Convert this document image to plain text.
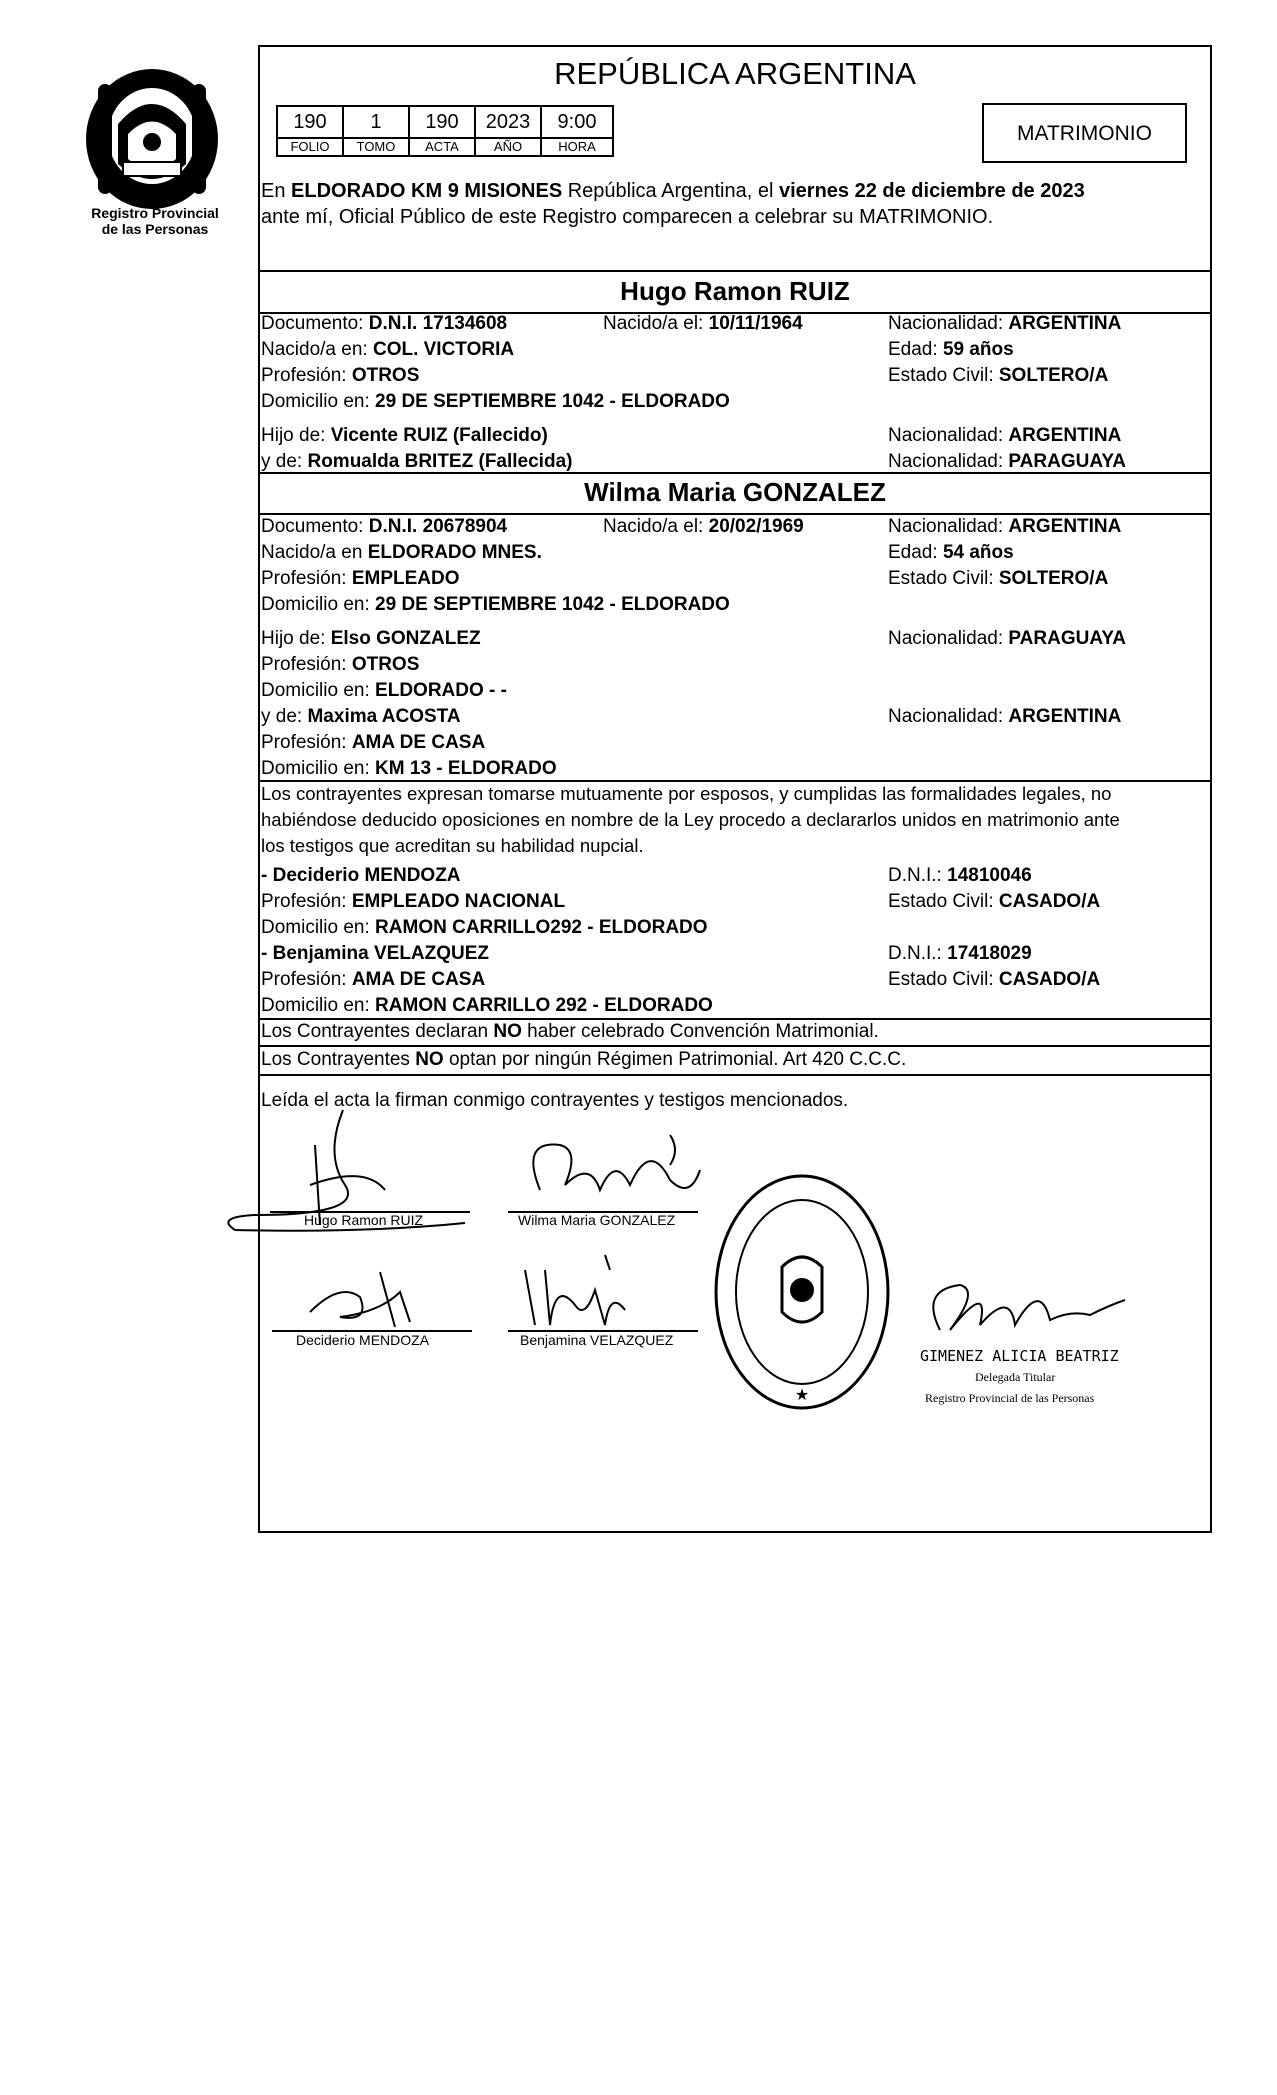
Registro Provincial
de las Personas
REPÚBLICA ARGENTINA
190	1	190	2023	9:00
FOLIO	TOMO	ACTA	AÑO	HORA
MATRIMONIO
En ELDORADO KM 9 MISIONES República Argentina, el viernes 22 de diciembre de 2023
ante mí, Oficial Público de este Registro comparecen a celebrar su MATRIMONIO.
Hugo Ramon RUIZ
Documento: D.N.I. 17134608	Nacido/a el: 10/11/1964	Nacionalidad: ARGENTINA
Nacido/a en: COL. VICTORIA	Edad: 59 años
Profesión: OTROS	Estado Civil: SOLTERO/A
Domicilio en: 29 DE SEPTIEMBRE 1042 - ELDORADO
Hijo de: Vicente RUIZ (Fallecido)	Nacionalidad: ARGENTINA
y de: Romualda BRITEZ (Fallecida)	Nacionalidad: PARAGUAYA
Wilma Maria GONZALEZ
Documento: D.N.I. 20678904	Nacido/a el: 20/02/1969	Nacionalidad: ARGENTINA
Nacido/a en ELDORADO MNES.	Edad: 54 años
Profesión: EMPLEADO	Estado Civil: SOLTERO/A
Domicilio en: 29 DE SEPTIEMBRE 1042 - ELDORADO
Hijo de: Elso GONZALEZ	Nacionalidad: PARAGUAYA
Profesión: OTROS
Domicilio en: ELDORADO - -
y de: Maxima ACOSTA	Nacionalidad: ARGENTINA
Profesión: AMA DE CASA
Domicilio en: KM 13 - ELDORADO
Los contrayentes expresan tomarse mutuamente por esposos, y cumplidas las formalidades legales, no
habiéndose deducido oposiciones en nombre de la Ley procedo a declararlos unidos en matrimonio ante
los testigos que acreditan su habilidad nupcial.
- Deciderio MENDOZA	D.N.I.: 14810046
Profesión: EMPLEADO NACIONAL	Estado Civil: CASADO/A
Domicilio en: RAMON CARRILLO292 - ELDORADO
- Benjamina VELAZQUEZ	D.N.I.: 17418029
Profesión: AMA DE CASA	Estado Civil: CASADO/A
Domicilio en: RAMON CARRILLO 292 - ELDORADO
Los Contrayentes declaran NO haber celebrado Convención Matrimonial.
Los Contrayentes NO optan por ningún Régimen Patrimonial. Art 420 C.C.C.
Leída el acta la firman conmigo contrayentes y testigos mencionados.
Hugo Ramon RUIZ	Wilma Maria GONZALEZ
Deciderio MENDOZA	Benjamina VELAZQUEZ
★
GIMENEZ ALICIA BEATRIZ
Delegada Titular
Registro Provincial de las Personas
